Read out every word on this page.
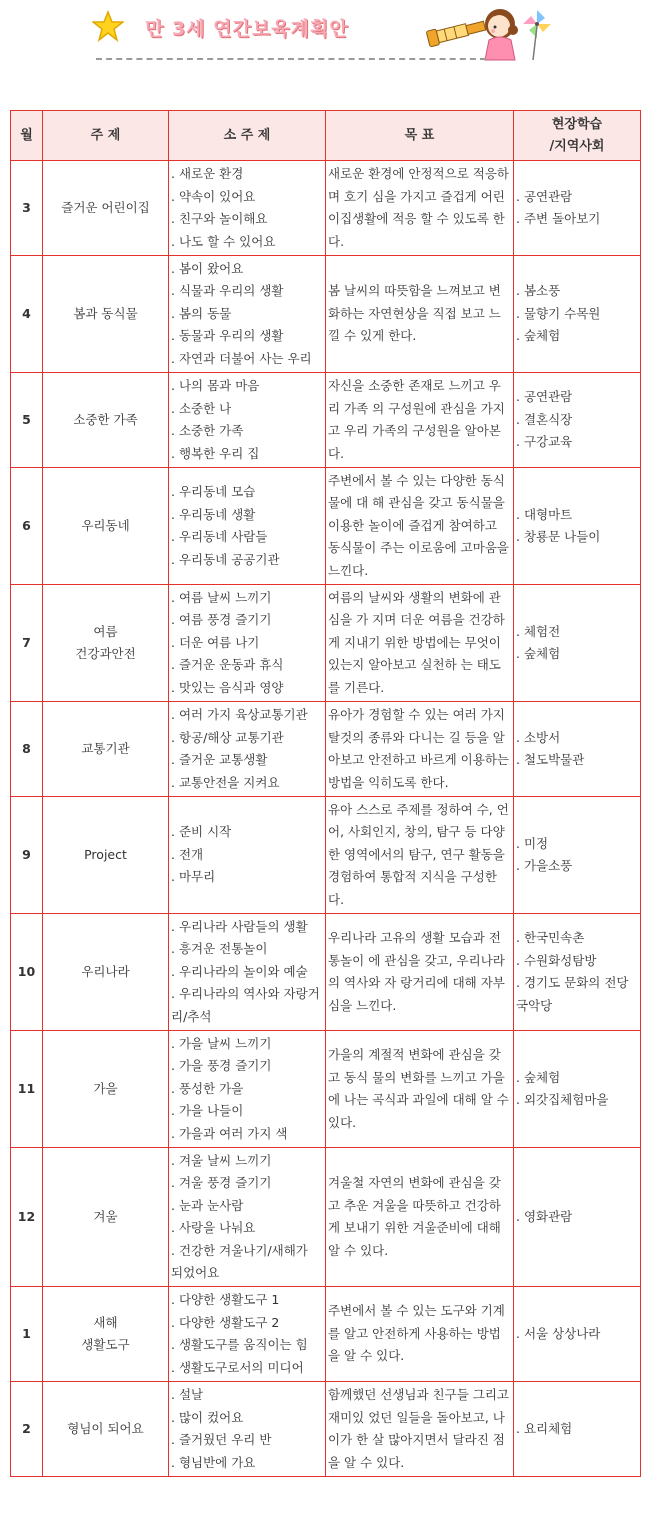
만 3세 연간보육계획안
월	주 제	소 주 제	목 표	현장학습
/지역사회
3	즐거운 어린이집	. 새로운 환경
. 약속이 있어요
. 친구와 놀이해요
. 나도 할 수 있어요	새로운 환경에 안정적으로 적응하며 호기 심을 가지고 즐겁게 어린이집생활에 적응 할 수 있도록 한다.	. 공연관람
. 주변 돌아보기

4	봄과 동식물	. 봄이 왔어요
. 식물과 우리의 생활
. 봄의 동물
. 동물과 우리의 생활
. 자연과 더불어 사는 우리	봄 날씨의 따뜻함을 느껴보고 변화하는 자연현상을 직접 보고 느낄 수 있게 한다.	. 봄소풍
. 물향기 수목원
. 숲체험

5	소중한 가족	. 나의 몸과 마음
. 소중한 나
. 소중한 가족
. 행복한 우리 집	자신을 소중한 존재로 느끼고 우리 가족 의 구성원에 관심을 가지고 우리 가족의 구성원을 알아본다.	. 공연관람
. 결혼식장
. 구강교육

6	우리동네	. 우리동네 모습
. 우리동네 생활
. 우리동네 사람들
. 우리동네 공공기관	주변에서 볼 수 있는 다양한 동식물에 대 해 관심을 갖고 동식물을 이용한 놀이에 즐겁게 참여하고 동식물이 주는 이로움에 고마움을 느낀다.	. 대형마트
. 창룡문 나들이

7	여름
건강과안전	. 여름 날씨 느끼기
. 여름 풍경 즐기기
. 더운 여름 나기
. 즐거운 운동과 휴식
. 맛있는 음식과 영양	여름의 날씨와 생활의 변화에 관심을 가 지며 더운 여름을 건강하게 지내기 위한 방법에는 무엇이 있는지 알아보고 실천하 는 태도를 기른다.	. 체험전
. 숲체험

8	교통기관	. 여러 가지 육상교통기관
. 항공/해상 교통기관
. 즐거운 교통생활
. 교통안전을 지켜요	유아가 경험할 수 있는 여러 가지 탈것의 종류와 다니는 길 등을 알아보고 안전하고 바르게 이용하는 방법을 익히도록 한다.	. 소방서
. 철도박물관

9	Project	. 준비 시작
. 전개
. 마무리	유아 스스로 주제를 정하여 수, 언어, 사회인지, 창의, 탐구 등 다양한 영역에서의 탐구, 연구 활동을 경험하여 통합적 지식을 구성한다.	. 미정
. 가을소풍

10	우리나라	. 우리나라 사람들의 생활
. 흥겨운 전통놀이
. 우리나라의 놀이와 예술
. 우리나라의 역사와 자랑거리/추석	우리나라 고유의 생활 모습과 전통놀이 에 관심을 갖고, 우리나라의 역사와 자 랑거리에 대해 자부심을 느낀다.	. 한국민속촌
. 수원화성탐방
. 경기도 문화의 전당 국악당

11	가을	. 가을 날씨 느끼기
. 가을 풍경 즐기기
. 풍성한 가을
. 가을 나들이
. 가을과 여러 가지 색	가을의 계절적 변화에 관심을 갖고 동식 물의 변화를 느끼고 가을에 나는 곡식과 과일에 대해 알 수 있다.	. 숲체험
. 외갓집체험마을

12	겨울	. 겨울 날씨 느끼기
. 겨울 풍경 즐기기
. 눈과 눈사람
. 사랑을 나눠요
. 건강한 겨울나기/새해가 되었어요	겨울철 자연의 변화에 관심을 갖고 추운 겨울을 따뜻하고 건강하게 보내기 위한 겨울준비에 대해 알 수 있다.	. 영화관람

1	새해
생활도구	. 다양한 생활도구 1
. 다양한 생활도구 2
. 생활도구를 움직이는 힘
. 생활도구로서의 미디어	주변에서 볼 수 있는 도구와 기계를 알고 안전하게 사용하는 방법을 알 수 있다.	. 서울 상상나라

2	형님이 되어요	. 설날
. 많이 컸어요
. 즐거웠던 우리 반
. 형님반에 가요	함께했던 선생님과 친구들 그리고 재미있 었던 일들을 돌아보고, 나이가 한 살 많아지면서 달라진 점을 알 수 있다.	. 요리체험
